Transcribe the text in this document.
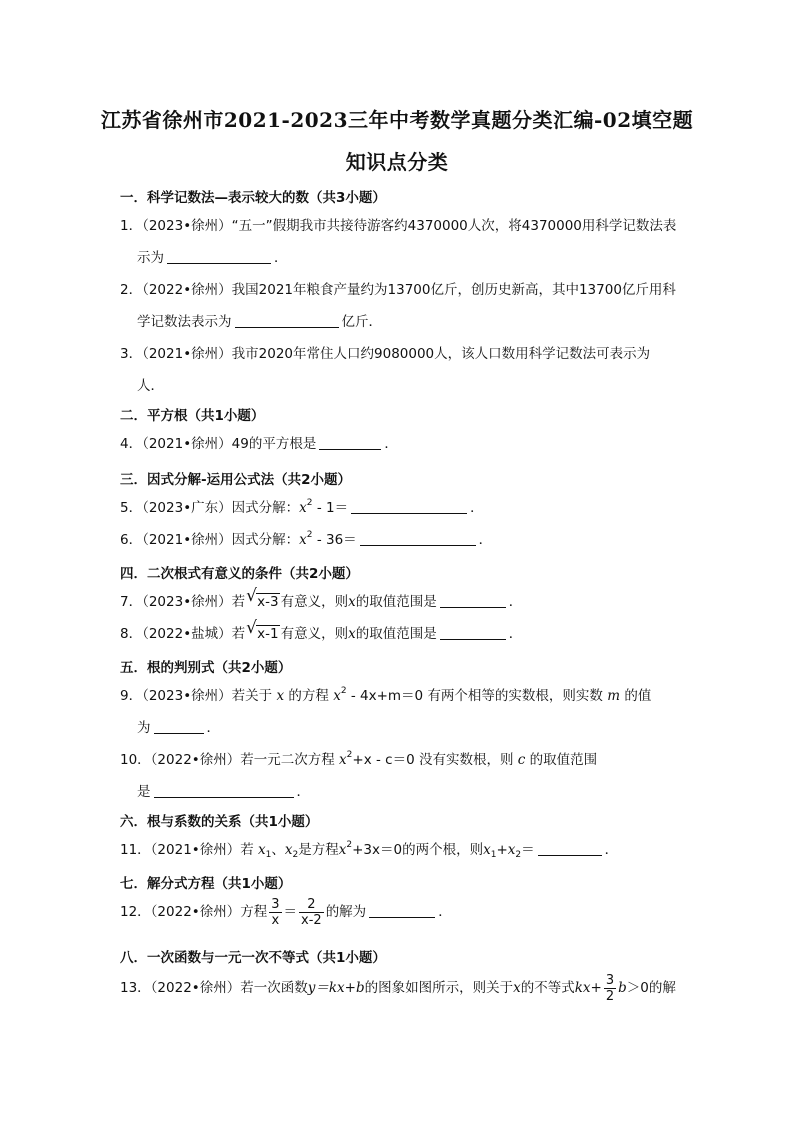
江苏省徐州市2021-2023三年中考数学真题分类汇编-02填空题
知识点分类
一．科学记数法—表示较大的数（共3小题）
1．（2023•徐州）“五一”假期我市共接待游客约4370000人次，将4370000用科学记数法表
示为	．
2．（2022•徐州）我国2021年粮食产量约为13700亿斤，创历史新高，其中13700亿斤用科
学记数法表示为	亿斤．
3．（2021•徐州）我市2020年常住人口约9080000人，该人口数用科学记数法可表示为
人．
二．平方根（共1小题）
4．（2021•徐州）49的平方根是	．
三．因式分解-运用公式法（共2小题）
5．（2023•广东）因式分解：$x^2 - 1=$	．
6．（2021•徐州）因式分解：$x^2 - 36=$	．
四．二次根式有意义的条件（共2小题）
7．（2023•徐州）若 √ x-3 有意义，则x的取值范围是	．
8．（2022•盐城）若 √ x-1 有意义，则x的取值范围是	．
五．根的判别式（共2小题）
9．（2023•徐州）若关于 x 的方程 $x^2 - 4x+m=0$ 有两个相等的实数根，则实数 m 的值
为	．
10．（2022•徐州）若一元二次方程 $x^2+x - c=0$ 没有实数根，则 c 的取值范围
是	．
六．根与系数的关系（共1小题）
11．（2021•徐州）若 $x_1$、$x_2$是方程$x^2+3x=0$的两个根，则$x_1+x_2=$	．
七．解分式方程（共1小题）
12．（2022•徐州）方程 $\frac{3}{x} = \frac{2}{x-2}$ 的解为	．
八．一次函数与一元一次不等式（共1小题）
13．（2022•徐州）若一次函数y＝kx+b的图象如图所示，则关于x的不等式$kx+ \frac{3}{2} b>0$的解
